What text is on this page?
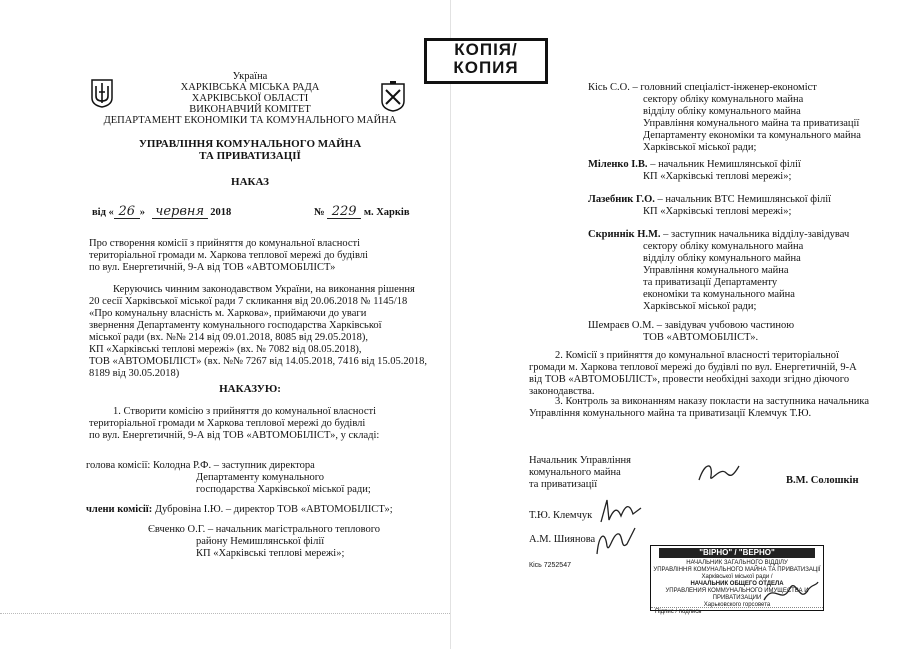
Україна
ХАРКІВСЬКА МІСЬКА РАДА
ХАРКІВСЬКОЇ ОБЛАСТІ
ВИКОНАВЧИЙ КОМІТЕТ
ДЕПАРТАМЕНТ ЕКОНОМІКИ ТА КОМУНАЛЬНОГО МАЙНА
УПРАВЛІННЯ КОМУНАЛЬНОГО МАЙНА
ТА ПРИВАТИЗАЦІЇ
НАКАЗ
від « 26 » червня 2018	№ 229 м. Харків
Про створення комісії з прийняття до комунальної власності
територіальної громади м. Харкова теплової мережі до будівлі
по вул. Енергетичній, 9-А від ТОВ «АВТОМОБІЛІСТ»
Керуючись чинним законодавством України, на виконання рішення
20 сесії Харківської міської ради 7 скликання від 20.06.2018 № 1145/18
«Про комунальну власність м. Харкова», приймаючи до уваги
звернення Департаменту комунального господарства Харківської
міської ради (вх. №№ 214 від 09.01.2018, 8085 від 29.05.2018),
КП «Харківські теплові мережі» (вх. № 7082 від 08.05.2018),
ТОВ «АВТОМОБІЛІСТ» (вх. №№ 7267 від 14.05.2018, 7416 від 15.05.2018,
8189 від 30.05.2018)
НАКАЗУЮ:
1. Створити комісію з прийняття до комунальної власності
територіальної громади м Харкова теплової мережі до будівлі
по вул. Енергетичній, 9-А від ТОВ «АВТОМОБІЛІСТ», у складі:
голова комісії: Колодна Р.Ф. – заступник директора
Департаменту комунального
господарства Харківської міської ради;
члени комісії: Дубровіна І.Ю. – директор ТОВ «АВТОМОБІЛІСТ»;
Євченко О.Г. – начальник магістрального теплового
району Немишлянської філії
КП «Харківські теплові мережі»;
КОПІЯ/
КОПИЯ
Кісь С.О. – головний спеціаліст-інженер-економіст
сектору обліку комунального майна
відділу обліку комунального майна
Управління комунального майна та приватизації
Департаменту економіки та комунального майна
Харківської міської ради;
Міленко І.В. – начальник Немишлянської філії
КП «Харківські теплові мережі»;
Лазебник Г.О. – начальник ВТС Немишлянської філії
КП «Харківські теплові мережі»;
Скриннік Н.М. – заступник начальника відділу-завідувач
сектору обліку комунального майна
відділу обліку комунального майна
Управління комунального майна
та приватизації Департаменту
економіки та комунального майна
Харківської міської ради;
Шемраєв О.М. – завідувач учбовою частиною
ТОВ «АВТОМОБІЛІСТ».
2. Комісії з прийняття до комунальної власності територіальної
громади м. Харкова теплової мережі до будівлі по вул. Енергетичній, 9-А
від ТОВ «АВТОМОБІЛІСТ», провести необхідні заходи згідно діючого
законодавства.
3. Контроль за виконанням наказу покласти на заступника начальника
Управління комунального майна та приватизації Клемчук Т.Ю.
Начальник Управління
комунального майна
та приватизації	В.М. Солошкін
Т.Ю. Клемчук
А.М. Шиянова
Кісь 7252547
"ВІРНО" / "ВЕРНО"
НАЧАЛЬНИК ЗАГАЛЬНОГО ВІДДІЛУ
УПРАВЛІННЯ КОМУНАЛЬНОГО МАЙНА ТА ПРИВАТИЗАЦІЇ
Харківської міської ради /
НАЧАЛЬНИК ОБЩЕГО ОТДЕЛА
УПРАВЛЕНИЯ КОММУНАЛЬНОГО ИМУЩЕСТВА И ПРИВАТИЗАЦИИ
Харьковского горсовета
Підпис / подпись
